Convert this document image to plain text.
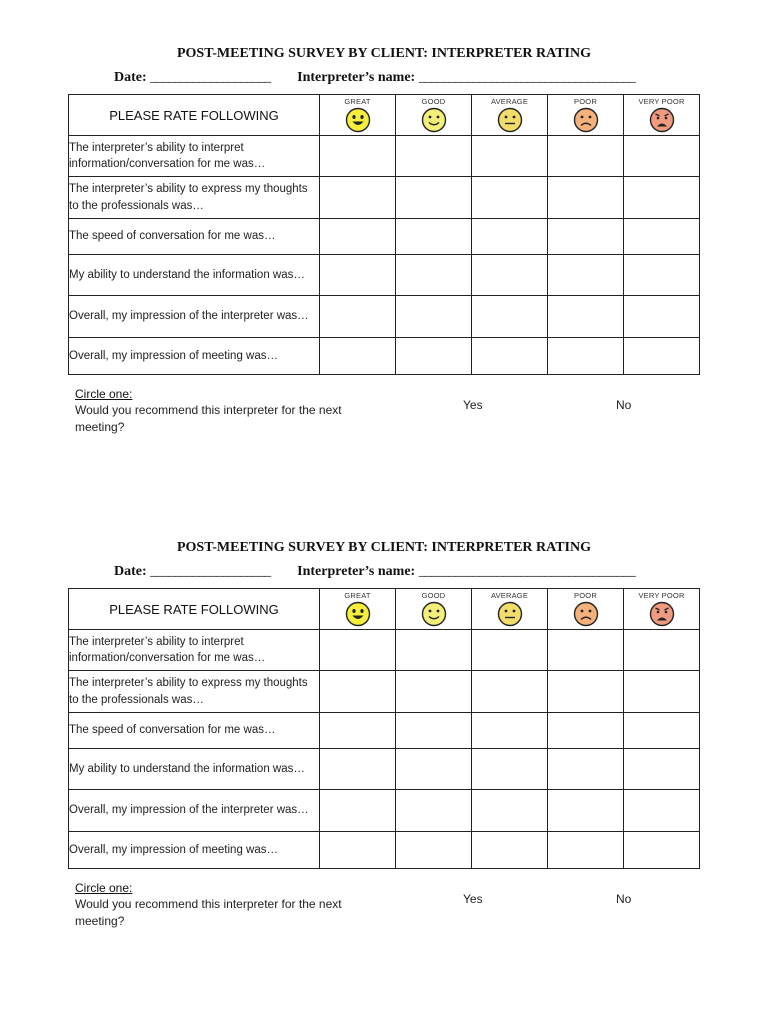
POST-MEETING SURVEY BY CLIENT: INTERPRETER RATING
Date: ____________________ Interpreter’s name: ____________________________________
PLEASE RATE FOLLOWING	GREAT	GOOD	AVERAGE	POOR	VERY POOR

The interpreter’s ability to interpret information/conversation for me was…					
The interpreter’s ability to express my thoughts to the professionals was…					
The speed of conversation for me was…					
My ability to understand the information was…					
Overall, my impression of the interpreter was…					
Overall, my impression of meeting was…					
Circle one:
Would you recommend this interpreter for the next meeting?
Yes	No
POST-MEETING SURVEY BY CLIENT: INTERPRETER RATING
Date: ____________________ Interpreter’s name: ____________________________________
PLEASE RATE FOLLOWING	GREAT	GOOD	AVERAGE	POOR	VERY POOR

The interpreter’s ability to interpret information/conversation for me was…					
The interpreter’s ability to express my thoughts to the professionals was…					
The speed of conversation for me was…					
My ability to understand the information was…					
Overall, my impression of the interpreter was…					
Overall, my impression of meeting was…					
Circle one:
Would you recommend this interpreter for the next meeting?
Yes	No
